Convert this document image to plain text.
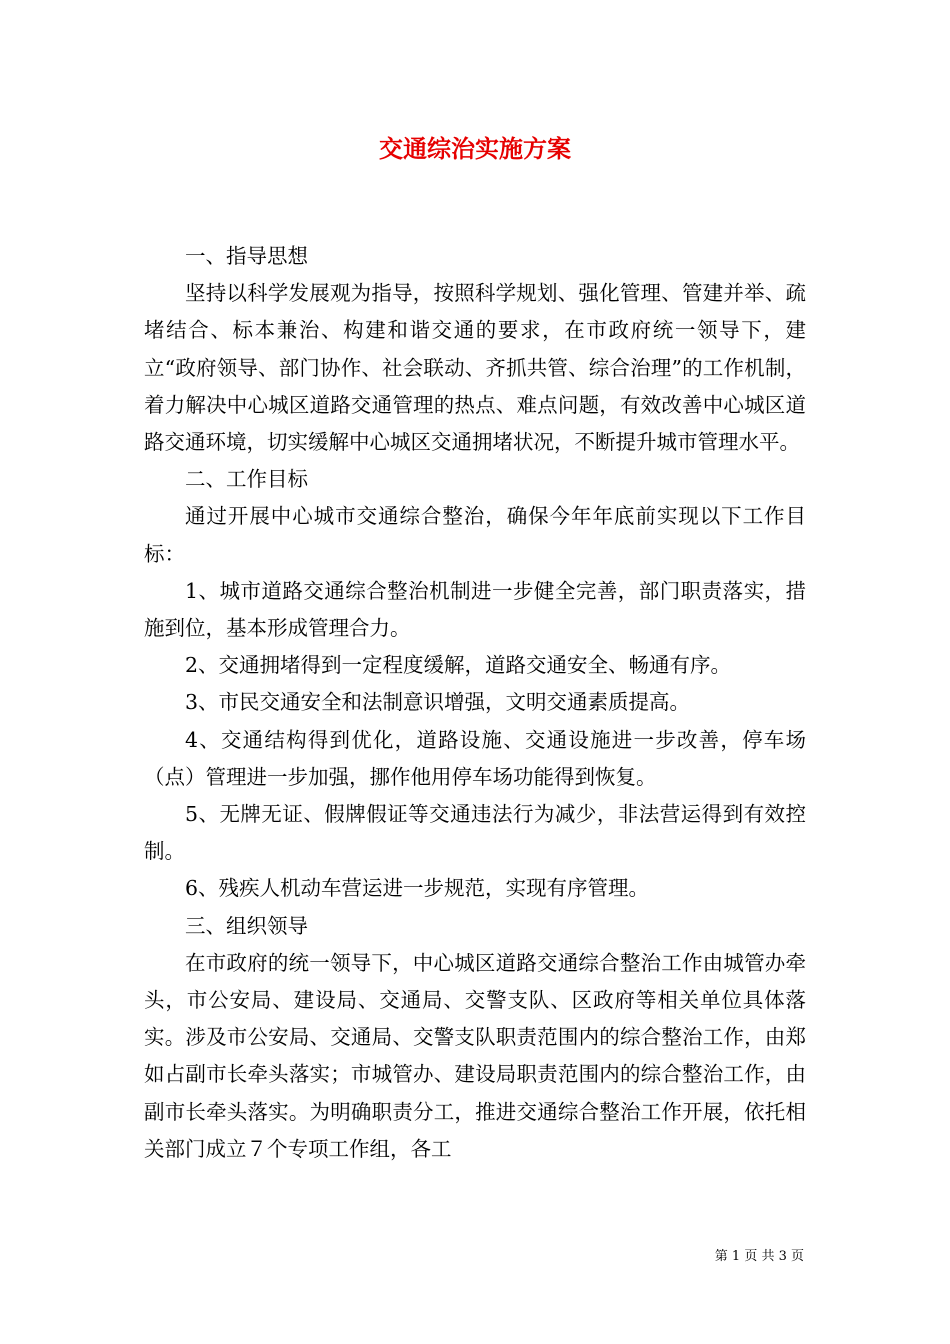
交通综治实施方案

一、指导思想

坚持以科学发展观为指导，按照科学规划、强化管理、管建并举、疏堵结合、标本兼治、构建和谐交通的要求，在市政府统一领导下，建立“政府领导、部门协作、社会联动、齐抓共管、综合治理”的工作机制，着力解决中心城区道路交通管理的热点、难点问题，有效改善中心城区道路交通环境，切实缓解中心城区交通拥堵状况，不断提升城市管理水平。

二、工作目标

通过开展中心城市交通综合整治，确保今年年底前实现以下工作目标：

1、城市道路交通综合整治机制进一步健全完善，部门职责落实，措施到位，基本形成管理合力。

2、交通拥堵得到一定程度缓解，道路交通安全、畅通有序。

3、市民交通安全和法制意识增强，文明交通素质提高。

4、交通结构得到优化，道路设施、交通设施进一步改善，停车场（点）管理进一步加强，挪作他用停车场功能得到恢复。

5、无牌无证、假牌假证等交通违法行为减少，非法营运得到有效控制。

6、残疾人机动车营运进一步规范，实现有序管理。

三、组织领导

在市政府的统一领导下，中心城区道路交通综合整治工作由城管办牵头，市公安局、建设局、交通局、交警支队、区政府等相关单位具体落实。涉及市公安局、交通局、交警支队职责范围内的综合整治工作，由郑如占副市长牵头落实；市城管办、建设局职责范围内的综合整治工作，由副市长牵头落实。为明确职责分工，推进交通综合整治工作开展，依托相关部门成立７个专项工作组，各工

第 1 页 共 3 页
